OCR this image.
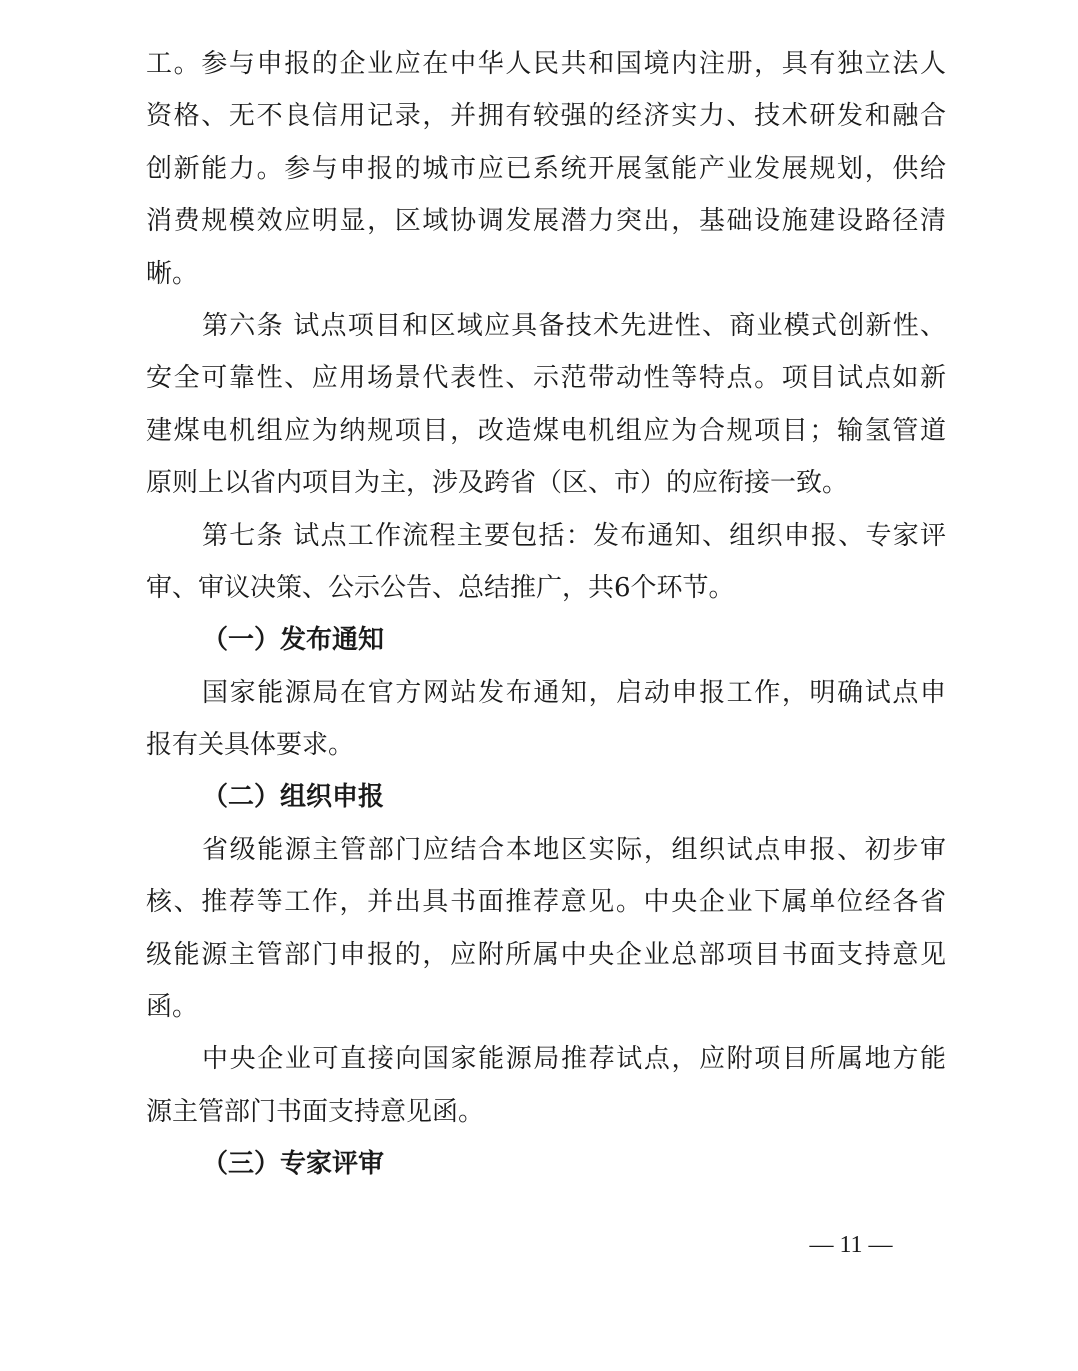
工。参与申报的企业应在中华人民共和国境内注册，具有独立法人
资格、无不良信用记录，并拥有较强的经济实力、技术研发和融合
创新能力。参与申报的城市应已系统开展氢能产业发展规划，供给
消费规模效应明显，区域协调发展潜力突出，基础设施建设路径清
晰。
第六条 试点项目和区域应具备技术先进性、商业模式创新性、
安全可靠性、应用场景代表性、示范带动性等特点。项目试点如新
建煤电机组应为纳规项目，改造煤电机组应为合规项目；输氢管道
原则上以省内项目为主，涉及跨省（区、市）的应衔接一致。
第七条 试点工作流程主要包括：发布通知、组织申报、专家评
审、审议决策、公示公告、总结推广，共6个环节。
（一）发布通知
国家能源局在官方网站发布通知，启动申报工作，明确试点申
报有关具体要求。
（二）组织申报
省级能源主管部门应结合本地区实际，组织试点申报、初步审
核、推荐等工作，并出具书面推荐意见。中央企业下属单位经各省
级能源主管部门申报的，应附所属中央企业总部项目书面支持意见
函。
中央企业可直接向国家能源局推荐试点，应附项目所属地方能
源主管部门书面支持意见函。
（三）专家评审
— 11 —
